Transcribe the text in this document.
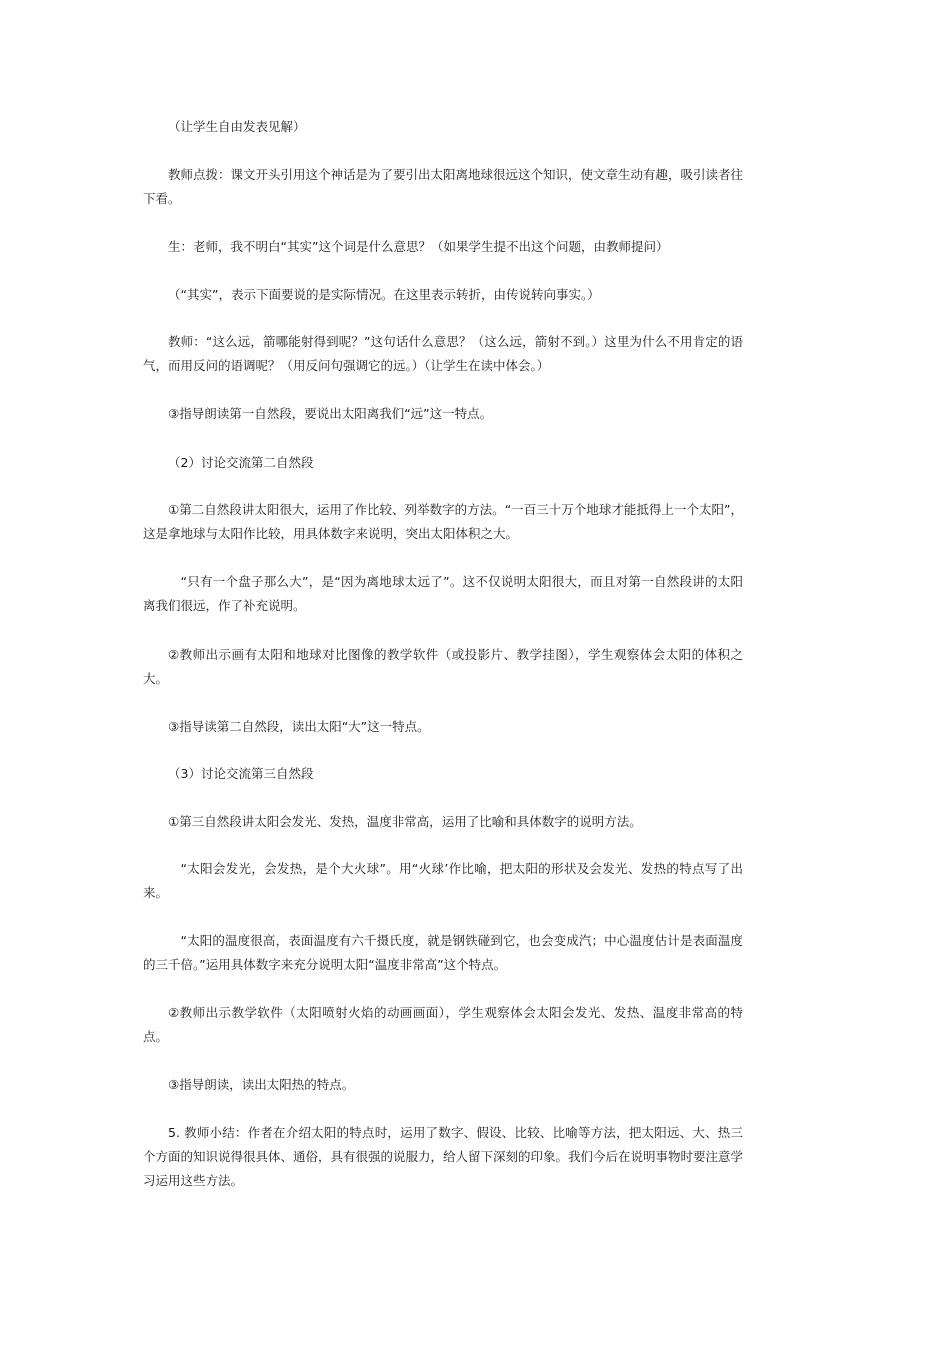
（让学生自由发表见解）

教师点拨：课文开头引用这个神话是为了要引出太阳离地球很远这个知识，使文章生动有趣，吸引读者往下看。

生：老师，我不明白“其实”这个词是什么意思？（如果学生提不出这个问题，由教师提问）

（“其实”，表示下面要说的是实际情况。在这里表示转折，由传说转向事实。）

教师：“这么远，箭哪能射得到呢？”这句话什么意思？（这么远，箭射不到。）这里为什么不用肯定的语气，而用反问的语调呢？（用反问句强调它的远。）（让学生在读中体会。）

③指导朗读第一自然段，要说出太阳离我们“远”这一特点。

（2）讨论交流第二自然段

①第二自然段讲太阳很大，运用了作比较、列举数字的方法。“一百三十万个地球才能抵得上一个太阳”，这是拿地球与太阳作比较，用具体数字来说明，突出太阳体积之大。

“只有一个盘子那么大”，是“因为离地球太远了”。这不仅说明太阳很大，而且对第一自然段讲的太阳离我们很远，作了补充说明。

②教师出示画有太阳和地球对比图像的教学软件（或投影片、教学挂图），学生观察体会太阳的体积之大。

③指导读第二自然段，读出太阳“大”这一特点。

（3）讨论交流第三自然段

①第三自然段讲太阳会发光、发热，温度非常高，运用了比喻和具体数字的说明方法。

“太阳会发光，会发热，是个大火球”。用“火球’作比喻，把太阳的形状及会发光、发热的特点写了出来。

“太阳的温度很高，表面温度有六千摄氏度，就是钢铁碰到它，也会变成汽；中心温度估计是表面温度的三千倍。”运用具体数字来充分说明太阳“温度非常高”这个特点。

②教师出示教学软件（太阳喷射火焰的动画画面），学生观察体会太阳会发光、发热、温度非常高的特点。

③指导朗读，读出太阳热的特点。

5. 教师小结：作者在介绍太阳的特点时，运用了数字、假设、比较、比喻等方法，把太阳远、大、热三个方面的知识说得很具体、通俗，具有很强的说服力，给人留下深刻的印象。我们今后在说明事物时要注意学习运用这些方法。
